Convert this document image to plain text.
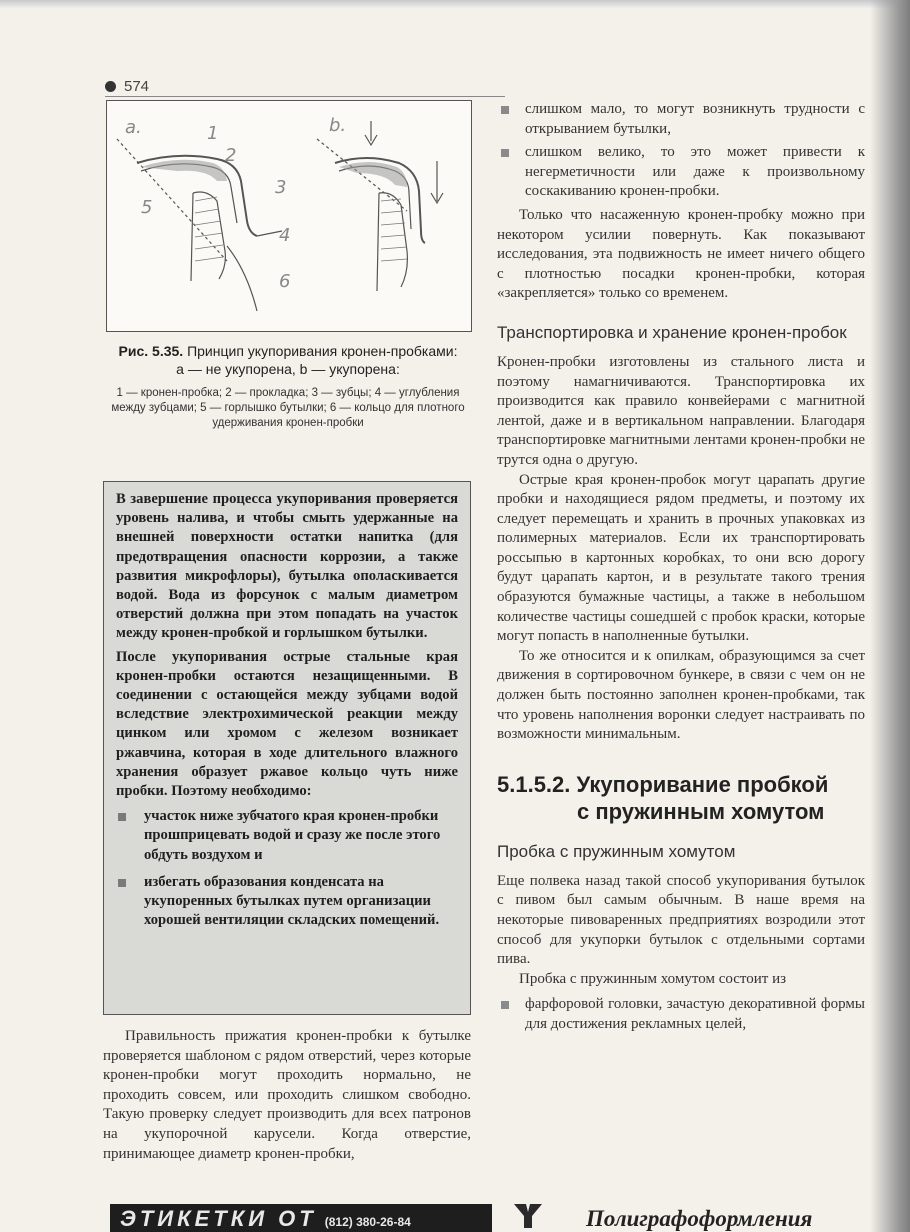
574
a.	b.
1
2
3
4
5
6
Рис. 5.35. Принцип укупоривания кронен-пробками:
a — не укупорена, b — укупорена:
1 — кронен-пробка; 2 — прокладка; 3 — зубцы; 4 — углубления между зубцами; 5 — горлышко бутылки; 6 — кольцо для плотного удерживания кронен-пробки

В завершение процесса укупоривания проверяется уровень налива, и чтобы смыть удержанные на внешней поверхности остатки напитка (для предотвращения опасности коррозии, а также развития микрофлоры), бутылка ополаскивается водой. Вода из форсунок с малым диаметром отверстий должна при этом попадать на участок между кронен-пробкой и горлышком бутылки.

После укупоривания острые стальные края кронен-пробки остаются незащищенными. В соединении с остающейся между зубцами водой вследствие электрохимической реакции между цинком или хромом с железом возникает ржавчина, которая в ходе длительного влажного хранения образует ржавое кольцо чуть ниже пробки. Поэтому необходимо:

участок ниже зубчатого края кронен-пробки прошприцевать водой и сразу же после этого обдуть воздухом и
избегать образования конденсата на укупоренных бутылках путем организации хорошей вентиляции складских помещений.

Правильность прижатия кронен-пробки к бутылке проверяется шаблоном с рядом отверстий, через которые кронен-пробки могут проходить нормально, не проходить совсем, или проходить слишком свободно. Такую проверку следует производить для всех патронов на укупорочной карусели. Когда отверстие, принимающее диаметр кронен-пробки,

слишком мало, то могут возникнуть трудности с открыванием бутылки,
слишком велико, то это может привести к негерметичности или даже к произвольному соскакиванию кронен-пробки.

Только что насаженную кронен-пробку можно при некотором усилии повернуть. Как показывают исследования, эта подвижность не имеет ничего общего с плотностью посадки кронен-пробки, которая «закрепляется» только со временем.

Транспортировка и хранение кронен-пробок

Кронен-пробки изготовлены из стального листа и поэтому намагничиваются. Транспортировка их производится как правило конвейерами с магнитной лентой, даже и в вертикальном направлении. Благодаря транспортировке магнитными лентами кронен-пробки не трутся одна о другую.

Острые края кронен-пробок могут царапать другие пробки и находящиеся рядом предметы, и поэтому их следует перемещать и хранить в прочных упаковках из полимерных материалов. Если их транспортировать россыпью в картонных коробках, то они всю дорогу будут царапать картон, и в результате такого трения образуются бумажные частицы, а также в небольшом количестве частицы сошедшей с пробок краски, которые могут попасть в наполненные бутылки.

То же относится и к опилкам, образующимся за счет движения в сортировочном бункере, в связи с чем он не должен быть постоянно заполнен кронен-пробками, так что уровень наполнения воронки следует настраивать по возможности минимальным.

5.1.5.2. Укупоривание пробкой
с пружинным хомутом
Пробка с пружинным хомутом

Еще полвека назад такой способ укупоривания бутылок с пивом был самым обычным. В наше время на некоторые пивоваренных предприятиях возродили этот способ для укупорки бутылок с отдельными сортами пива.

Пробка с пружинным хомутом состоит из

фарфоровой головки, зачастую декоративной формы для достижения рекламных целей,
ЭТИКЕТКИ ОТ (812) 380-26-84	Полиграфоформления
